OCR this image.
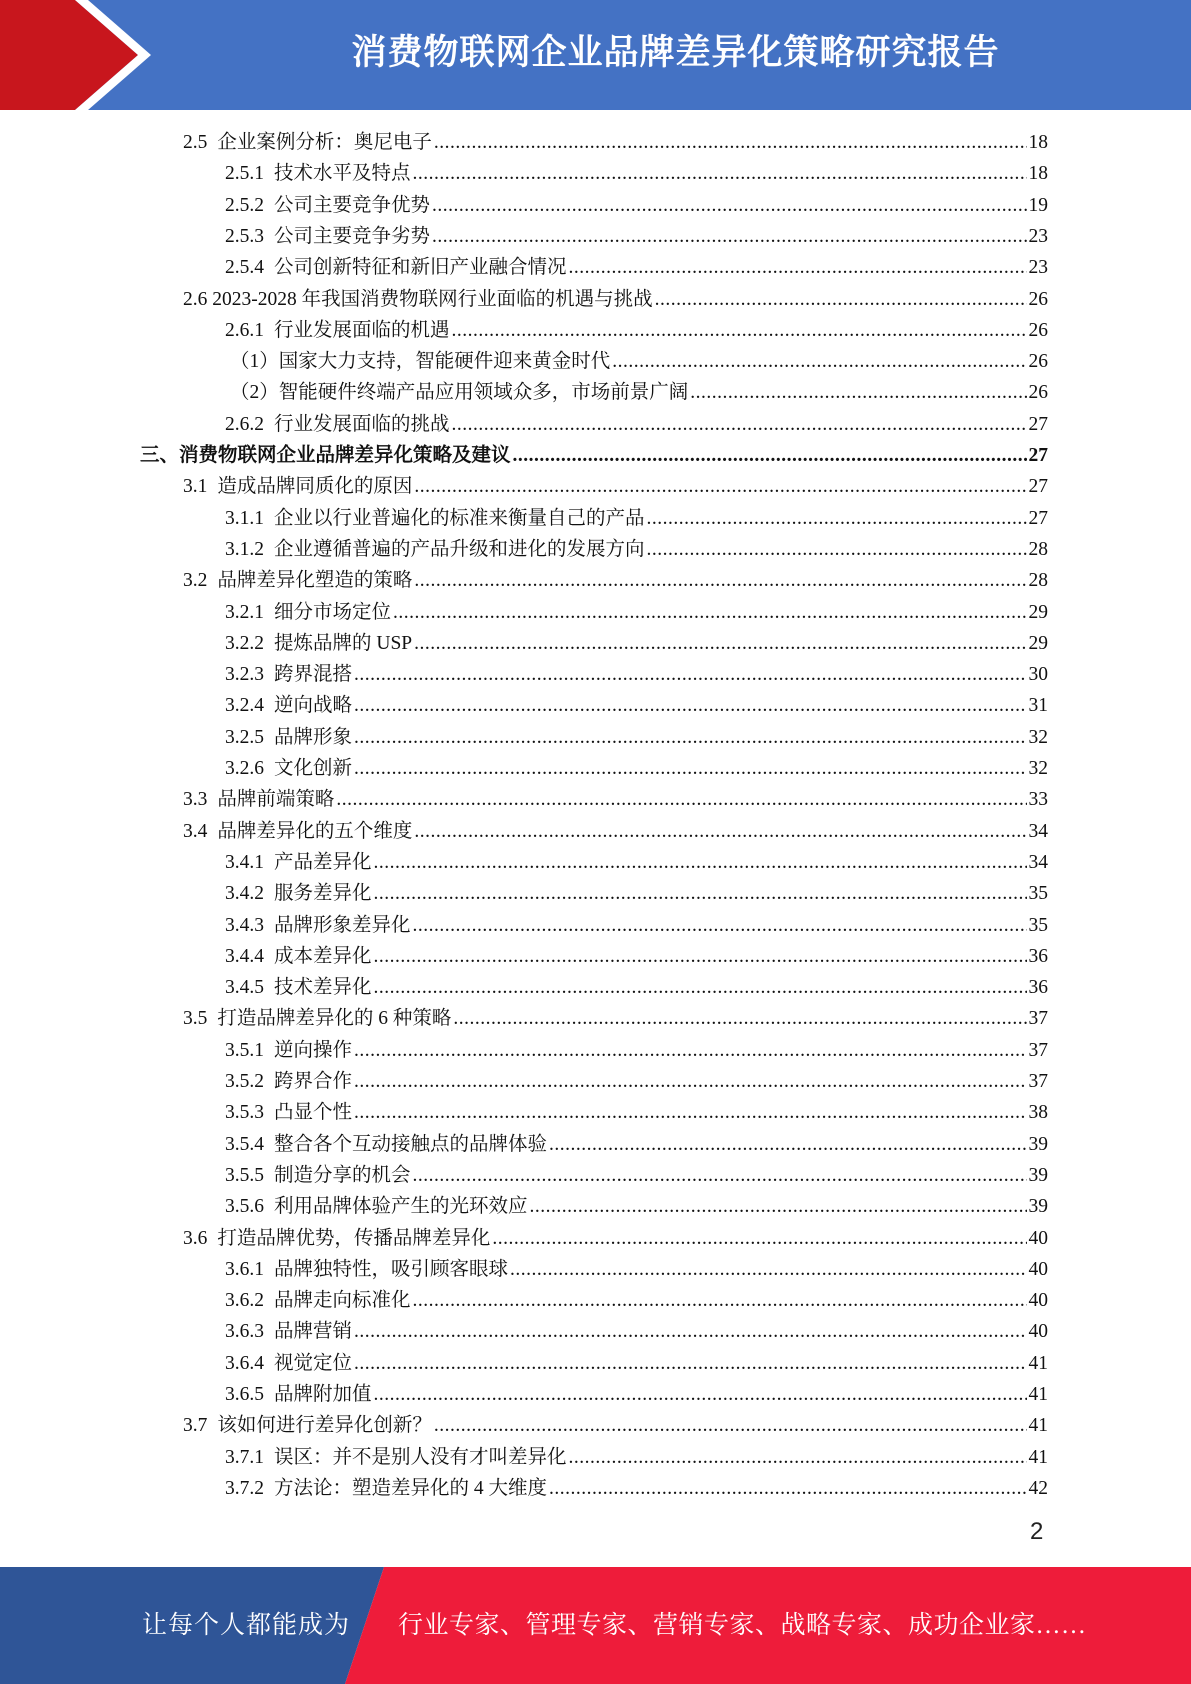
消费物联网企业品牌差异化策略研究报告
2.5 企业案例分析：奥尼电子 .....	18
2.5.1 技术水平及特点 .....	18
2.5.2 公司主要竞争优势 .....	19
2.5.3 公司主要竞争劣势 .....	23
2.5.4 公司创新特征和新旧产业融合情况 .....	23
2.6 2023-2028 年我国消费物联网行业面临的机遇与挑战 .....	26
2.6.1 行业发展面临的机遇 .....	26
（1）国家大力支持，智能硬件迎来黄金时代 .....	26
（2）智能硬件终端产品应用领域众多，市场前景广阔 .....	26
2.6.2 行业发展面临的挑战 .....	27
三、 消费物联网企业品牌差异化策略及建议 .....	27
3.1 造成品牌同质化的原因 .....	27
3.1.1 企业以行业普遍化的标准来衡量自己的产品 .....	27
3.1.2 企业遵循普遍的产品升级和进化的发展方向 .....	28
3.2 品牌差异化塑造的策略 .....	28
3.2.1 细分市场定位 .....	29
3.2.2 提炼品牌的 USP .....	29
3.2.3 跨界混搭 .....	30
3.2.4 逆向战略 .....	31
3.2.5 品牌形象 .....	32
3.2.6 文化创新 .....	32
3.3 品牌前端策略 .....	33
3.4 品牌差异化的五个维度 .....	34
3.4.1 产品差异化 .....	34
3.4.2 服务差异化 .....	35
3.4.3 品牌形象差异化 .....	35
3.4.4 成本差异化 .....	36
3.4.5 技术差异化 .....	36
3.5 打造品牌差异化的 6 种策略 .....	37
3.5.1 逆向操作 .....	37
3.5.2 跨界合作 .....	37
3.5.3 凸显个性 .....	38
3.5.4 整合各个互动接触点的品牌体验 .....	39
3.5.5 制造分享的机会 .....	39
3.5.6 利用品牌体验产生的光环效应 .....	39
3.6 打造品牌优势，传播品牌差异化 .....	40
3.6.1 品牌独特性，吸引顾客眼球 .....	40
3.6.2 品牌走向标准化 .....	40
3.6.3 品牌营销 .....	40
3.6.4 视觉定位 .....	41
3.6.5 品牌附加值 .....	41
3.7 该如何进行差异化创新？ .....	41
3.7.1 误区：并不是别人没有才叫差异化 .....	41
3.7.2 方法论：塑造差异化的 4 大维度 .....	42
2
让每个人都能成为 行业专家、管理专家、营销专家、战略专家、成功企业家……
